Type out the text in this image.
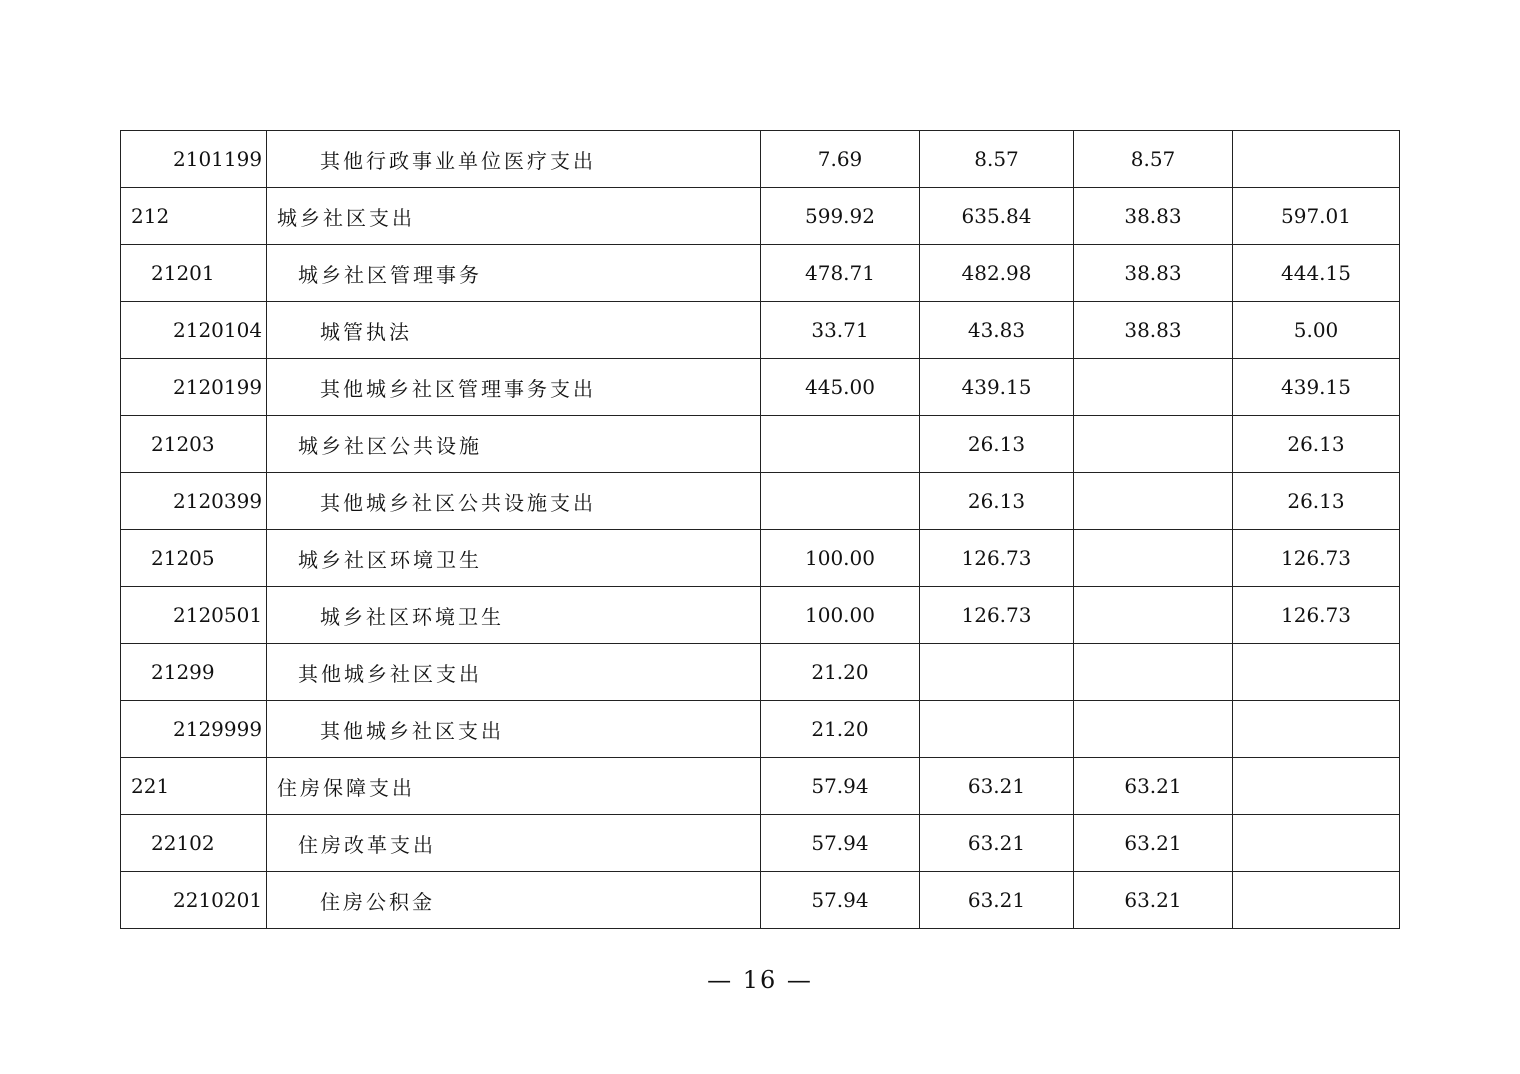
2101199	其他行政事业单位医疗支出	7.69	8.57	8.57	
212	城乡社区支出	599.92	635.84	38.83	597.01
21201	城乡社区管理事务	478.71	482.98	38.83	444.15
2120104	城管执法	33.71	43.83	38.83	5.00
2120199	其他城乡社区管理事务支出	445.00	439.15		439.15
21203	城乡社区公共设施		26.13		26.13
2120399	其他城乡社区公共设施支出		26.13		26.13
21205	城乡社区环境卫生	100.00	126.73		126.73
2120501	城乡社区环境卫生	100.00	126.73		126.73
21299	其他城乡社区支出	21.20			
2129999	其他城乡社区支出	21.20			
221	住房保障支出	57.94	63.21	63.21	
22102	住房改革支出	57.94	63.21	63.21	
2210201	住房公积金	57.94	63.21	63.21	
— 16 —
